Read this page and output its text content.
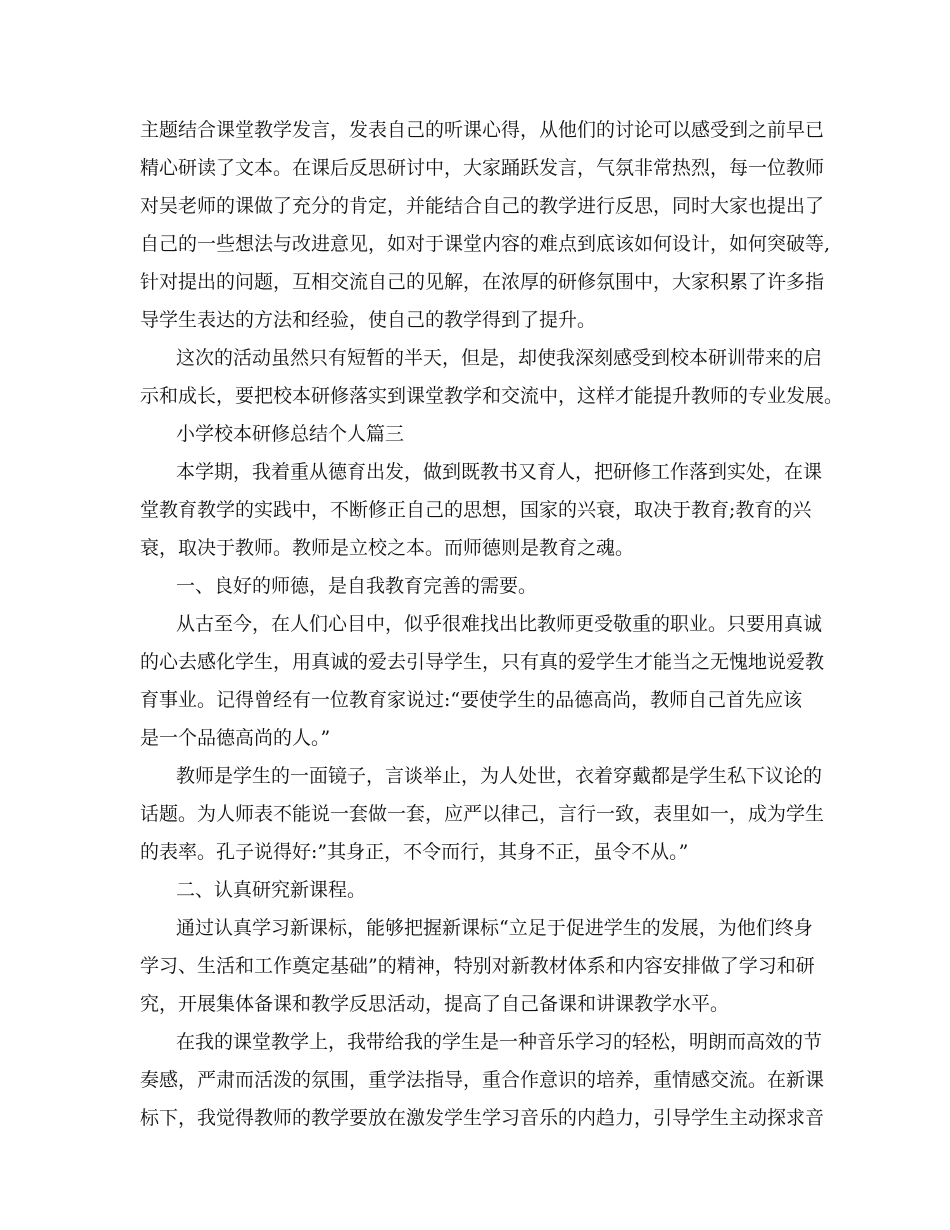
主题结合课堂教学发言，发表自己的听课心得，从他们的讨论可以感受到之前早已
精心研读了文本。在课后反思研讨中，大家踊跃发言，气氛非常热烈，每一位教师
对吴老师的课做了充分的肯定，并能结合自己的教学进行反思，同时大家也提出了
自己的一些想法与改进意见，如对于课堂内容的难点到底该如何设计，如何突破等,
针对提出的问题，互相交流自己的见解，在浓厚的研修氛围中，大家积累了许多指
导学生表达的方法和经验，使自己的教学得到了提升。
这次的活动虽然只有短暂的半天，但是，却使我深刻感受到校本研训带来的启
示和成长，要把校本研修落实到课堂教学和交流中，这样才能提升教师的专业发展。
小学校本研修总结个人篇三
本学期，我着重从德育出发，做到既教书又育人，把研修工作落到实处，在课
堂教育教学的实践中，不断修正自己的思想，国家的兴衰，取决于教育;教育的兴
衰，取决于教师。教师是立校之本。而师德则是教育之魂。
一、良好的师德，是自我教育完善的需要。
从古至今，在人们心目中，似乎很难找出比教师更受敬重的职业。只要用真诚
的心去感化学生，用真诚的爱去引导学生，只有真的爱学生才能当之无愧地说爱教
育事业。记得曾经有一位教育家说过:“要使学生的品德高尚，教师自己首先应该
是一个品德高尚的人。”
教师是学生的一面镜子，言谈举止，为人处世，衣着穿戴都是学生私下议论的
话题。为人师表不能说一套做一套，应严以律己，言行一致，表里如一，成为学生
的表率。孔子说得好:”其身正，不令而行，其身不正，虽令不从。”
二、认真研究新课程。
通过认真学习新课标，能够把握新课标“立足于促进学生的发展，为他们终身
学习、生活和工作奠定基础”的精神，特别对新教材体系和内容安排做了学习和研
究，开展集体备课和教学反思活动，提高了自己备课和讲课教学水平。
在我的课堂教学上，我带给我的学生是一种音乐学习的轻松，明朗而高效的节
奏感，严肃而活泼的氛围，重学法指导，重合作意识的培养，重情感交流。在新课
标下，我觉得教师的教学要放在激发学生学习音乐的内趋力，引导学生主动探求音
